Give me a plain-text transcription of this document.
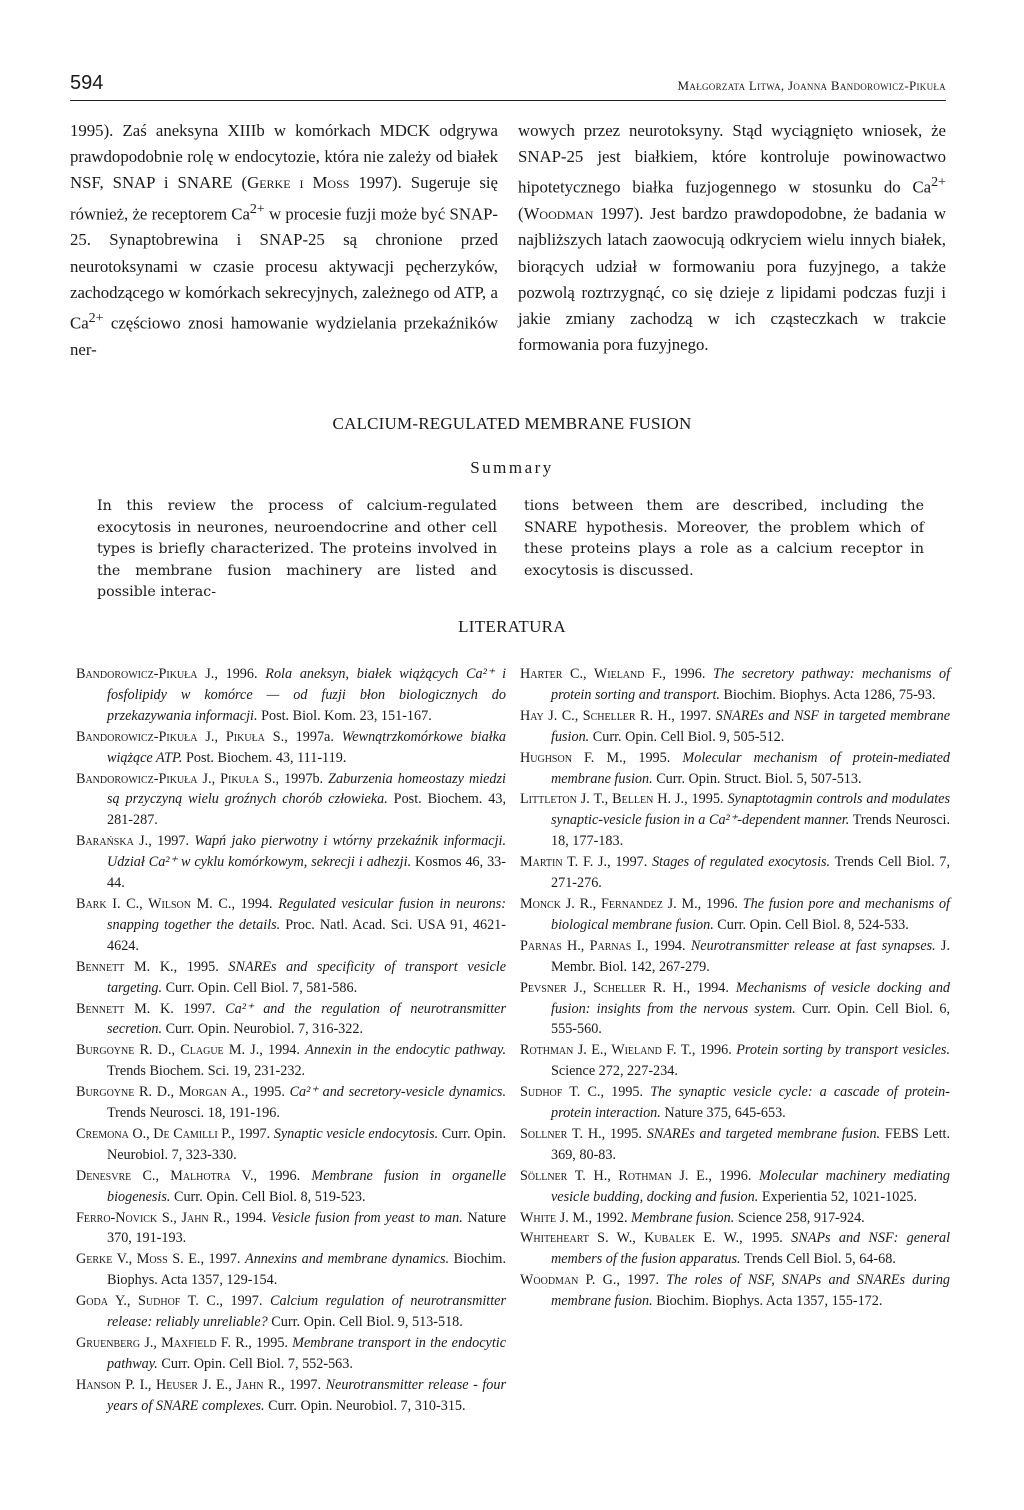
594	Małgorzata Litwa, Joanna Bandorowicz-Pikuła

1995). Zaś aneksyna XIIIb w komórkach MDCK odgrywa prawdopodobnie rolę w endocytozie, która nie zależy od białek NSF, SNAP i SNARE (Gerke i Moss 1997). Sugeruje się również, że receptorem $Ca^{2+}$ w procesie fuzji może być SNAP-25. Synaptobrewina i SNAP-25 są chronione przed neurotoksynami w czasie procesu aktywacji pęcherzyków, zachodzącego w komórkach sekrecyjnych, zależnego od ATP, a $Ca^{2+}$ częściowo znosi hamowanie wydzielania przekaźników ner-

wowych przez neurotoksyny. Stąd wyciągnięto wniosek, że SNAP-25 jest białkiem, które kontroluje powinowactwo hipotetycznego białka fuzjogennego w stosunku do $Ca^{2+}$ (Woodman 1997). Jest bardzo prawdopodobne, że badania w najbliższych latach zaowocują odkryciem wielu innych białek, biorących udział w formowaniu pora fuzyjnego, a także pozwolą roztrzygnąć, co się dzieje z lipidami podczas fuzji i jakie zmiany zachodzą w ich cząsteczkach w trakcie formowania pora fuzyjnego.

CALCIUM-REGULATED MEMBRANE FUSION
Summary

In this review the process of calcium-regulated exocytosis in neurones, neuroendocrine and other cell types is briefly characterized. The proteins involved in the membrane fusion machinery are listed and possible interac-

tions between them are described, including the SNARE hypothesis. Moreover, the problem which of these proteins plays a role as a calcium receptor in exocytosis is discussed.

LITERATURA

Bandorowicz-Pikuła J., 1996. Rola aneksyn, białek wiążących Ca²⁺ i fosfolipidy w komórce — od fuzji błon biologicznych do przekazywania informacji. Post. Biol. Kom. 23, 151-167.

Bandorowicz-Pikuła J., Pikuła S., 1997a. Wewnątrzkomórkowe białka wiążące ATP. Post. Biochem. 43, 111-119.

Bandorowicz-Pikuła J., Pikuła S., 1997b. Zaburzenia homeostazy miedzi są przyczyną wielu groźnych chorób człowieka. Post. Biochem. 43, 281-287.

Barańska J., 1997. Wapń jako pierwotny i wtórny przekaźnik informacji. Udział Ca²⁺ w cyklu komórkowym, sekrecji i adhezji. Kosmos 46, 33-44.

Bark I. C., Wilson M. C., 1994. Regulated vesicular fusion in neurons: snapping together the details. Proc. Natl. Acad. Sci. USA 91, 4621-4624.

Bennett M. K., 1995. SNAREs and specificity of transport vesicle targeting. Curr. Opin. Cell Biol. 7, 581-586.

Bennett M. K. 1997. Ca²⁺ and the regulation of neurotransmitter secretion. Curr. Opin. Neurobiol. 7, 316-322.

Burgoyne R. D., Clague M. J., 1994. Annexin in the endocytic pathway. Trends Biochem. Sci. 19, 231-232.

Burgoyne R. D., Morgan A., 1995. Ca²⁺ and secretory-vesicle dynamics. Trends Neurosci. 18, 191-196.

Cremona O., De Camilli P., 1997. Synaptic vesicle endocytosis. Curr. Opin. Neurobiol. 7, 323-330.

Denesvre C., Malhotra V., 1996. Membrane fusion in organelle biogenesis. Curr. Opin. Cell Biol. 8, 519-523.

Ferro-Novick S., Jahn R., 1994. Vesicle fusion from yeast to man. Nature 370, 191-193.

Gerke V., Moss S. E., 1997. Annexins and membrane dynamics. Biochim. Biophys. Acta 1357, 129-154.

Goda Y., Sudhof T. C., 1997. Calcium regulation of neurotransmitter release: reliably unreliable? Curr. Opin. Cell Biol. 9, 513-518.

Gruenberg J., Maxfield F. R., 1995. Membrane transport in the endocytic pathway. Curr. Opin. Cell Biol. 7, 552-563.

Hanson P. I., Heuser J. E., Jahn R., 1997. Neurotransmitter release - four years of SNARE complexes. Curr. Opin. Neurobiol. 7, 310-315.

Harter C., Wieland F., 1996. The secretory pathway: mechanisms of protein sorting and transport. Biochim. Biophys. Acta 1286, 75-93.

Hay J. C., Scheller R. H., 1997. SNAREs and NSF in targeted membrane fusion. Curr. Opin. Cell Biol. 9, 505-512.

Hughson F. M., 1995. Molecular mechanism of protein-mediated membrane fusion. Curr. Opin. Struct. Biol. 5, 507-513.

Littleton J. T., Bellen H. J., 1995. Synaptotagmin controls and modulates synaptic-vesicle fusion in a Ca²⁺-dependent manner. Trends Neurosci. 18, 177-183.

Martin T. F. J., 1997. Stages of regulated exocytosis. Trends Cell Biol. 7, 271-276.

Monck J. R., Fernandez J. M., 1996. The fusion pore and mechanisms of biological membrane fusion. Curr. Opin. Cell Biol. 8, 524-533.

Parnas H., Parnas I., 1994. Neurotransmitter release at fast synapses. J. Membr. Biol. 142, 267-279.

Pevsner J., Scheller R. H., 1994. Mechanisms of vesicle docking and fusion: insights from the nervous system. Curr. Opin. Cell Biol. 6, 555-560.

Rothman J. E., Wieland F. T., 1996. Protein sorting by transport vesicles. Science 272, 227-234.

Sudhof T. C., 1995. The synaptic vesicle cycle: a cascade of protein-protein interaction. Nature 375, 645-653.

Sollner T. H., 1995. SNAREs and targeted membrane fusion. FEBS Lett. 369, 80-83.

Söllner T. H., Rothman J. E., 1996. Molecular machinery mediating vesicle budding, docking and fusion. Experientia 52, 1021-1025.

White J. M., 1992. Membrane fusion. Science 258, 917-924.

Whiteheart S. W., Kubalek E. W., 1995. SNAPs and NSF: general members of the fusion apparatus. Trends Cell Biol. 5, 64-68.

Woodman P. G., 1997. The roles of NSF, SNAPs and SNAREs during membrane fusion. Biochim. Biophys. Acta 1357, 155-172.
